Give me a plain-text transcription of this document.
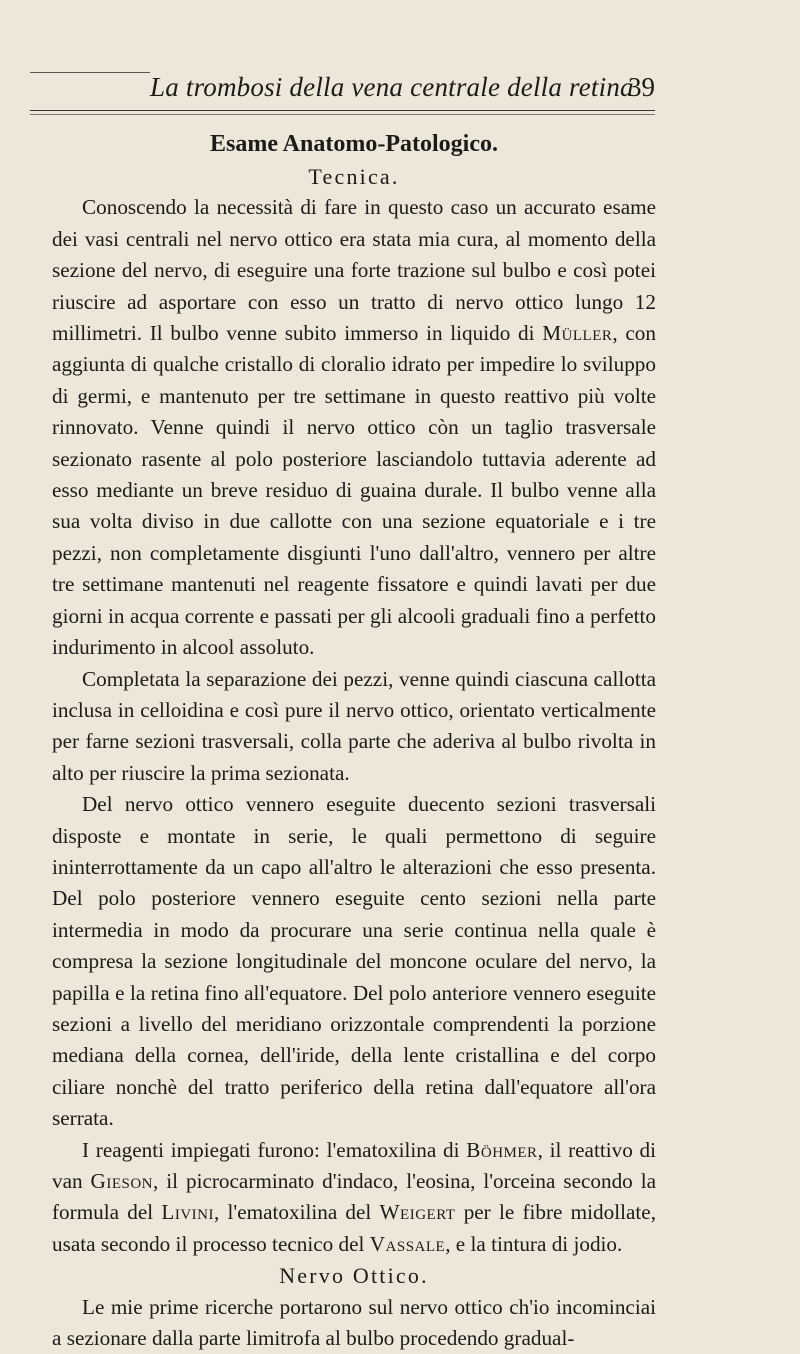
La trombosi della vena centrale della retina
39
Esame Anatomo-Patologico.
Tecnica.

Conoscendo la necessità di fare in questo caso un accurato esame dei vasi centrali nel nervo ottico era stata mia cura, al momento della sezione del nervo, di eseguire una forte trazione sul bulbo e così potei riuscire ad asportare con esso un tratto di nervo ottico lungo 12 millimetri. Il bulbo venne subito immerso in liquido di Müller, con aggiunta di qualche cristallo di cloralio idrato per impedire lo sviluppo di germi, e mantenuto per tre settimane in questo reattivo più volte rinnovato. Venne quindi il nervo ottico còn un taglio trasversale sezionato rasente al polo posteriore lasciandolo tuttavia aderente ad esso mediante un breve residuo di guaina durale. Il bulbo venne alla sua volta diviso in due callotte con una sezione equatoriale e i tre pezzi, non completamente disgiunti l'uno dall'altro, vennero per altre tre settimane mantenuti nel reagente fissatore e quindi lavati per due giorni in acqua corrente e passati per gli alcooli graduali fino a perfetto indurimento in alcool assoluto.

Completata la separazione dei pezzi, venne quindi ciascuna callotta inclusa in celloidina e così pure il nervo ottico, orientato verticalmente per farne sezioni trasversali, colla parte che aderiva al bulbo rivolta in alto per riuscire la prima sezionata.

Del nervo ottico vennero eseguite duecento sezioni trasversali disposte e montate in serie, le quali permettono di seguire ininterrottamente da un capo all'altro le alterazioni che esso presenta. Del polo posteriore vennero eseguite cento sezioni nella parte intermedia in modo da procurare una serie continua nella quale è compresa la sezione longitudinale del moncone oculare del nervo, la papilla e la retina fino all'equatore. Del polo anteriore vennero eseguite sezioni a livello del meridiano orizzontale comprendenti la porzione mediana della cornea, dell'iride, della lente cristallina e del corpo ciliare nonchè del tratto periferico della retina dall'equatore all'ora serrata.

I reagenti impiegati furono: l'ematoxilina di Böhmer, il reattivo di van Gieson, il picrocarminato d'indaco, l'eosina, l'orceina secondo la formula del Livini, l'ematoxilina del Weigert per le fibre midollate, usata secondo il processo tecnico del Vassale, e la tintura di jodio.

Nervo Ottico.

Le mie prime ricerche portarono sul nervo ottico ch'io incominciai a sezionare dalla parte limitrofa al bulbo procedendo gradual-
